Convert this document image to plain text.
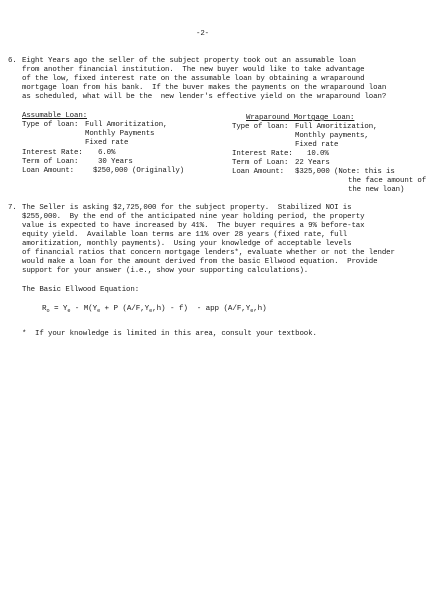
-2-
6. Eight Years ago the seller of the subject property took out an assumable loan
from another financial institution.  The new buyer would like to take advantage
of the low, fixed interest rate on the assumable loan by obtaining a wraparound
mortgage loan from his bank.  If the buver makes the payments on the wraparound loan
as scheduled, what will be the  new lender's effective yield on the wraparound loan?
Assumable Loan:
Type of loan: Full Amoritization,
Monthly Payments
Fixed rate
Interest Rate: 6.0%
Term of Loan:	30 Years
Loan Amount:	$250,000 (Originally)
Wraparound Mortgage Loan:
Type of loan: Full Amoritization,
Monthly payments,
Fixed rate
Interest Rate: 10.0%
Term of Loan: 22 Years
Loan Amount: $325,000 (Note: this is
the face amount of
the new loan)
7. The Seller is asking $2,725,000 for the subject property.  Stabilized NOI is
$255,000.  By the end of the anticipated nine year holding period, the property
value is expected to have increased by 41%.  The buyer requires a 9% before-tax
equity yield.  Available loan terms are 11% over 28 years (fixed rate, full
amoritization, monthly payments).  Using your knowledge of acceptable levels
of financial ratios that concern mortgage lenders*, evaluate whether or not the lender
would make a loan for the amount derived from the basic Ellwood equation.  Provide
support for your answer (i.e., show your supporting calculations).
The Basic Ellwood Equation:
$R_o = Y_e - M(Y_e + P$ $(A/F,Y_e,h) - f$)  - app $(A/F,Y_e,h)$
*  If your knowledge is limited in this area, consult your textbook.
